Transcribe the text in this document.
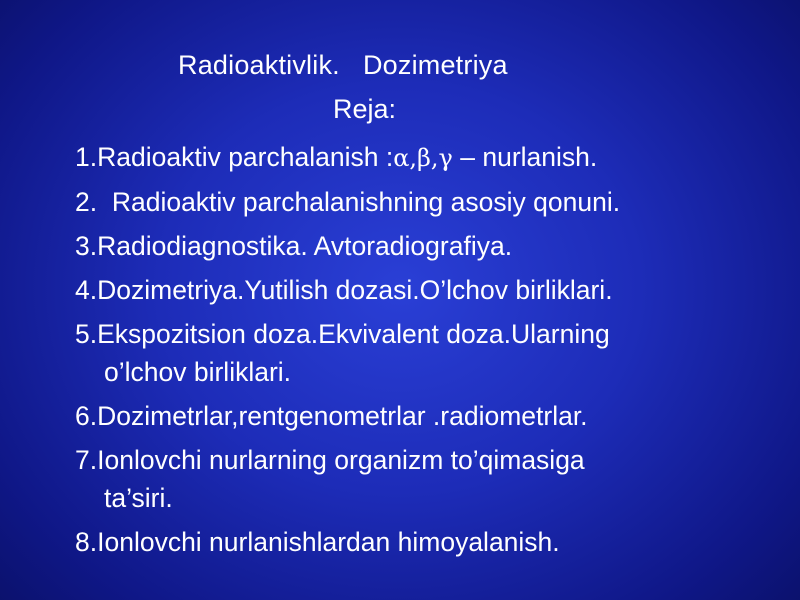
Radioaktivlik.   Dozimetriya
Reja:
1.Radioaktiv parchalanish :α,β,γ – nurlanish.
2.  Radioaktiv parchalanishning asosiy qonuni.
3.Radiodiagnostika. Avtoradiografiya.
4.Dozimetriya.Yutilish dozasi.O’lchov birliklari.
5.Ekspozitsion doza.Ekvivalent doza.Ularning
o’lchov birliklari.
6.Dozimetrlar,rentgenometrlar .radiometrlar.
7.Ionlovchi nurlarning organizm to’qimasiga
ta’siri.
8.Ionlovchi nurlanishlardan himoyalanish.
